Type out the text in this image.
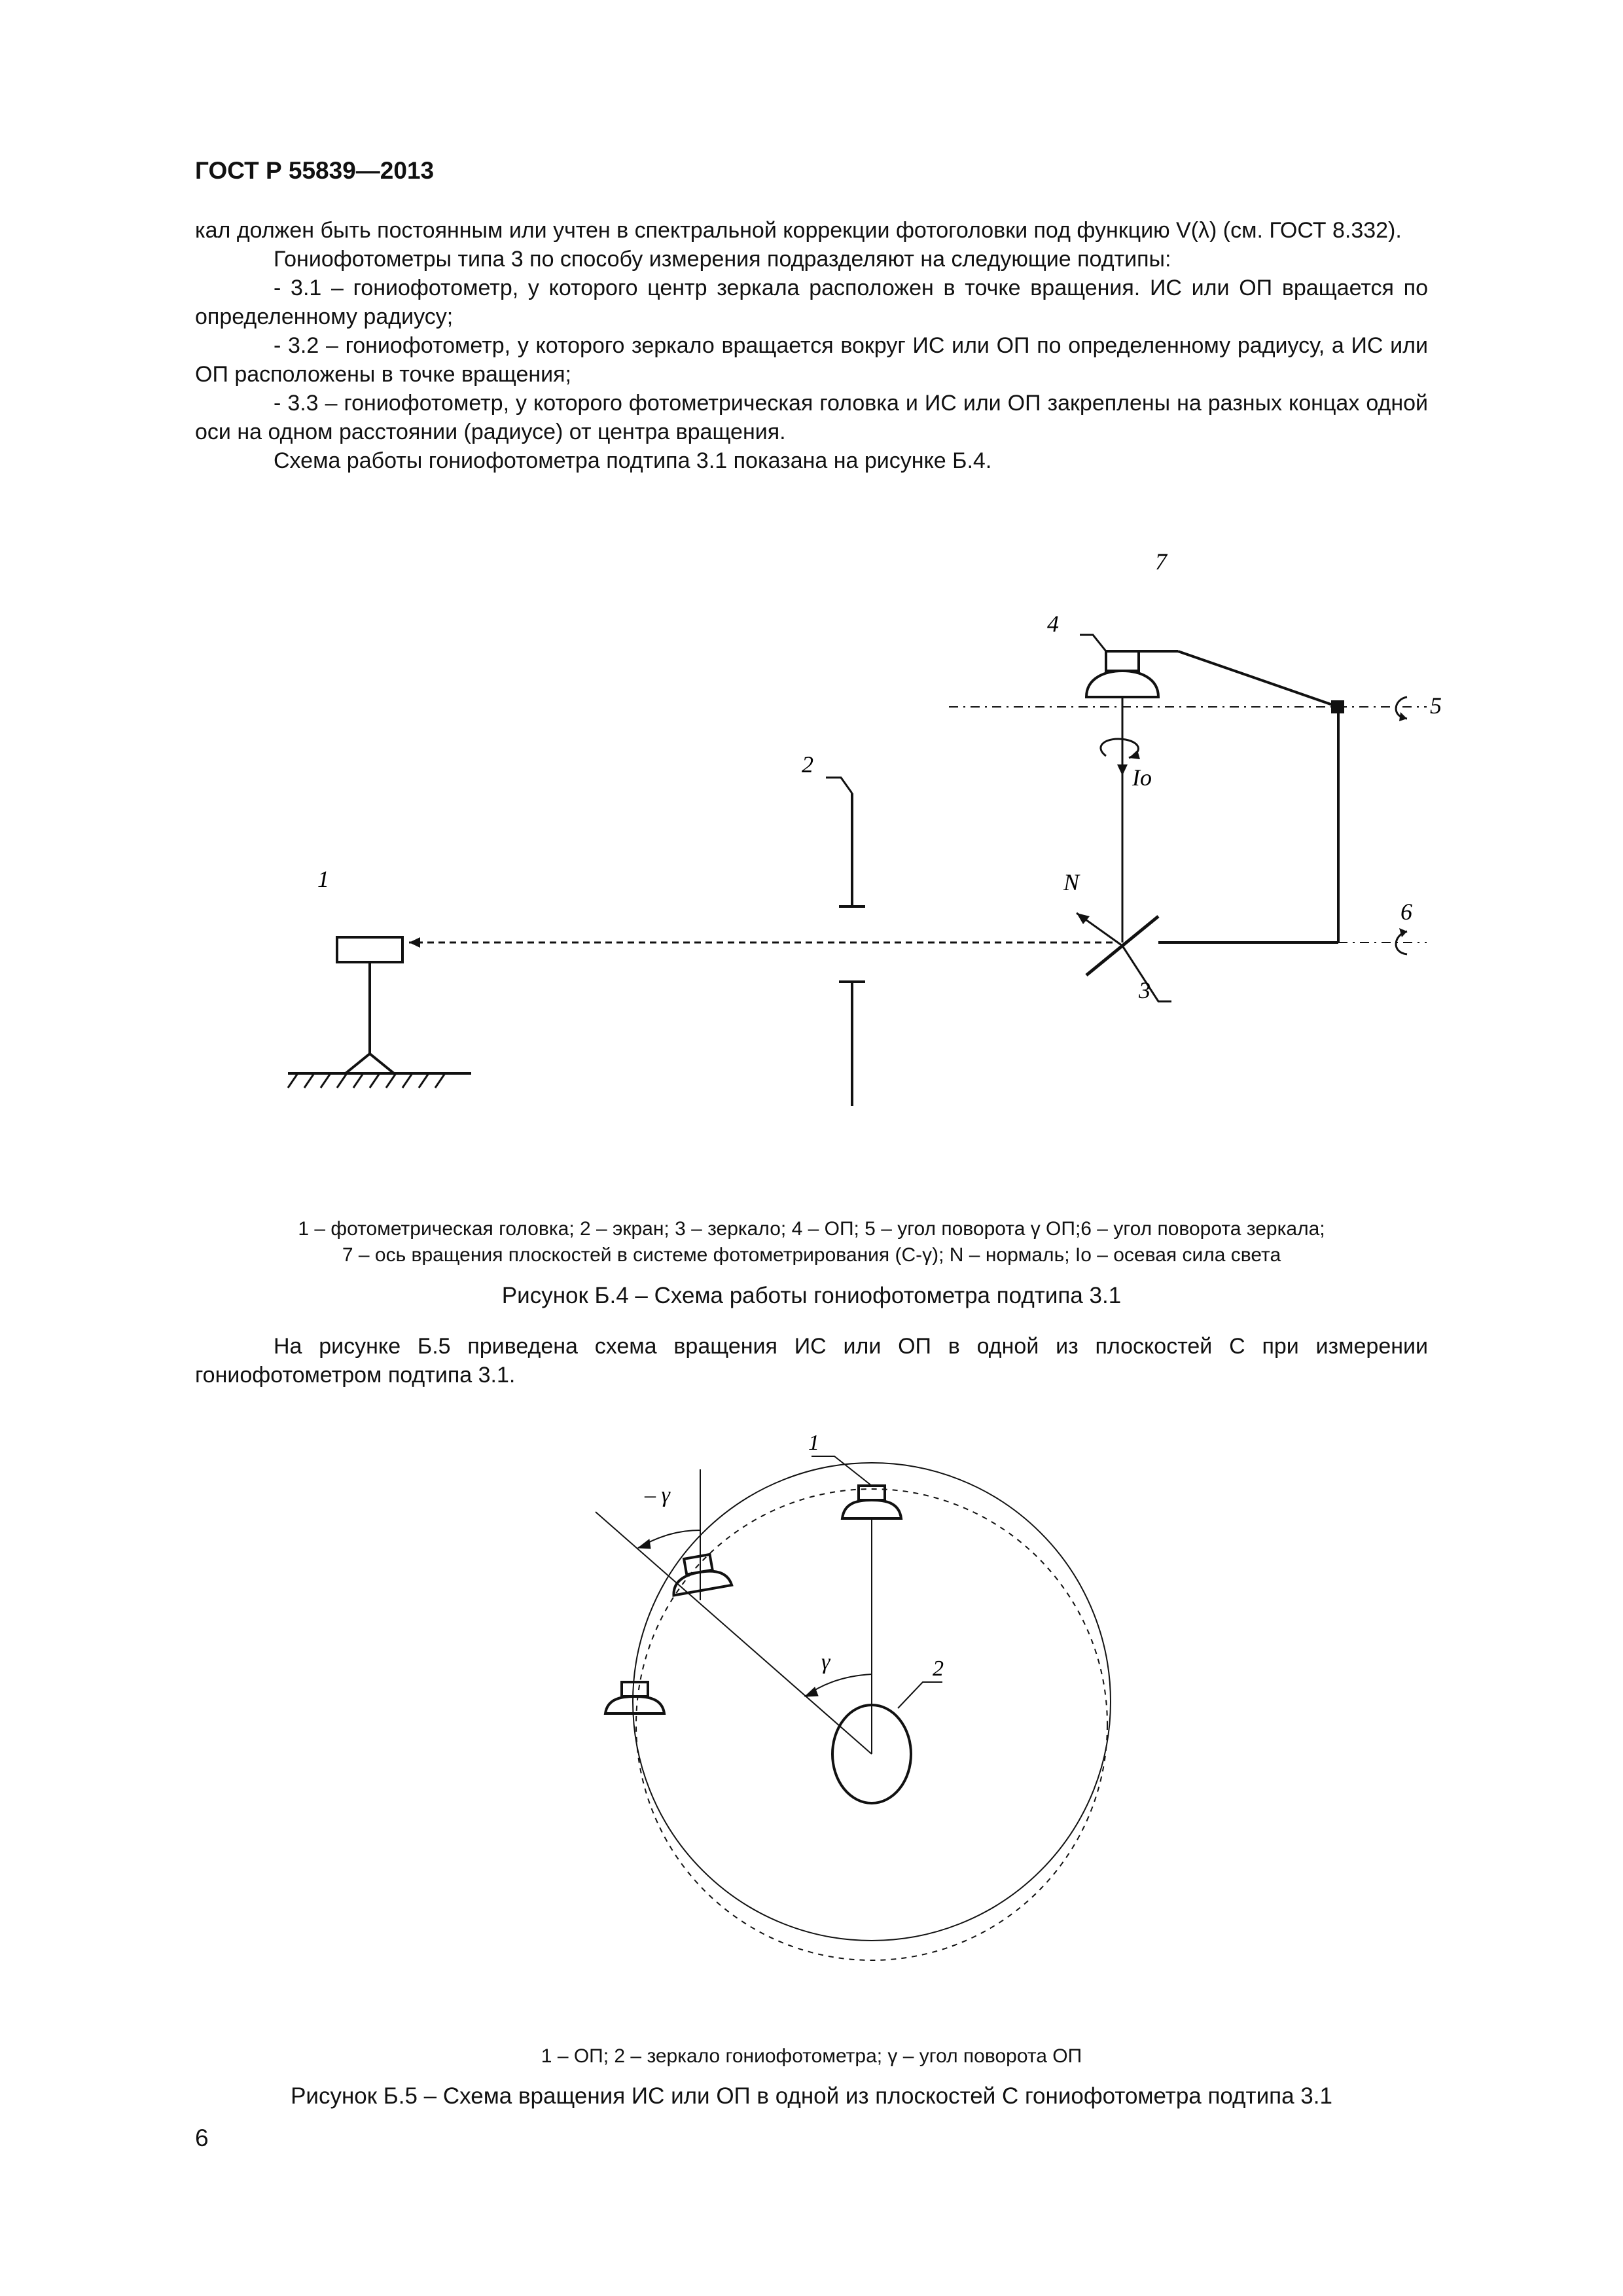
ГОСТ Р 55839—2013

кал должен быть постоянным или учтен в спектральной коррекции фотоголовки под функцию V(λ) (см. ГОСТ 8.332).

Гониофотометры типа 3 по способу измерения подразделяют на следующие подтипы:

- 3.1 – гониофотометр, у которого центр зеркала расположен в точке вращения. ИС или ОП вращается по определенному радиусу;

- 3.2 – гониофотометр, у которого зеркало вращается вокруг ИС или ОП по определенному радиусу, а ИС или ОП расположены в точке вращения;

- 3.3 – гониофотометр, у которого фотометрическая головка и ИС или ОП закреплены на разных концах одной оси на одном расстоянии (радиусе) от центра вращения.

Схема работы гониофотометра подтипа 3.1 показана на рисунке Б.4.

1
2
3
4
5
6
7
N
Io
1 – фотометрическая головка; 2 – экран; 3 – зеркало; 4 – ОП; 5 – угол поворота γ ОП;6 – угол поворота зеркала;
7 – ось вращения плоскостей в системе фотометрирования (C-γ); N – нормаль; Iо – осевая сила света
Рисунок Б.4 – Схема работы гониофотометра подтипа 3.1

На рисунке Б.5 приведена схема вращения ИС или ОП в одной из плоскостей C при измерении гониофотометром подтипа 3.1.

1
2
– γ
γ
1 – ОП; 2 – зеркало гониофотометра; γ – угол поворота ОП
Рисунок Б.5 – Схема вращения ИС или ОП в одной из плоскостей C гониофотометра подтипа 3.1
6
